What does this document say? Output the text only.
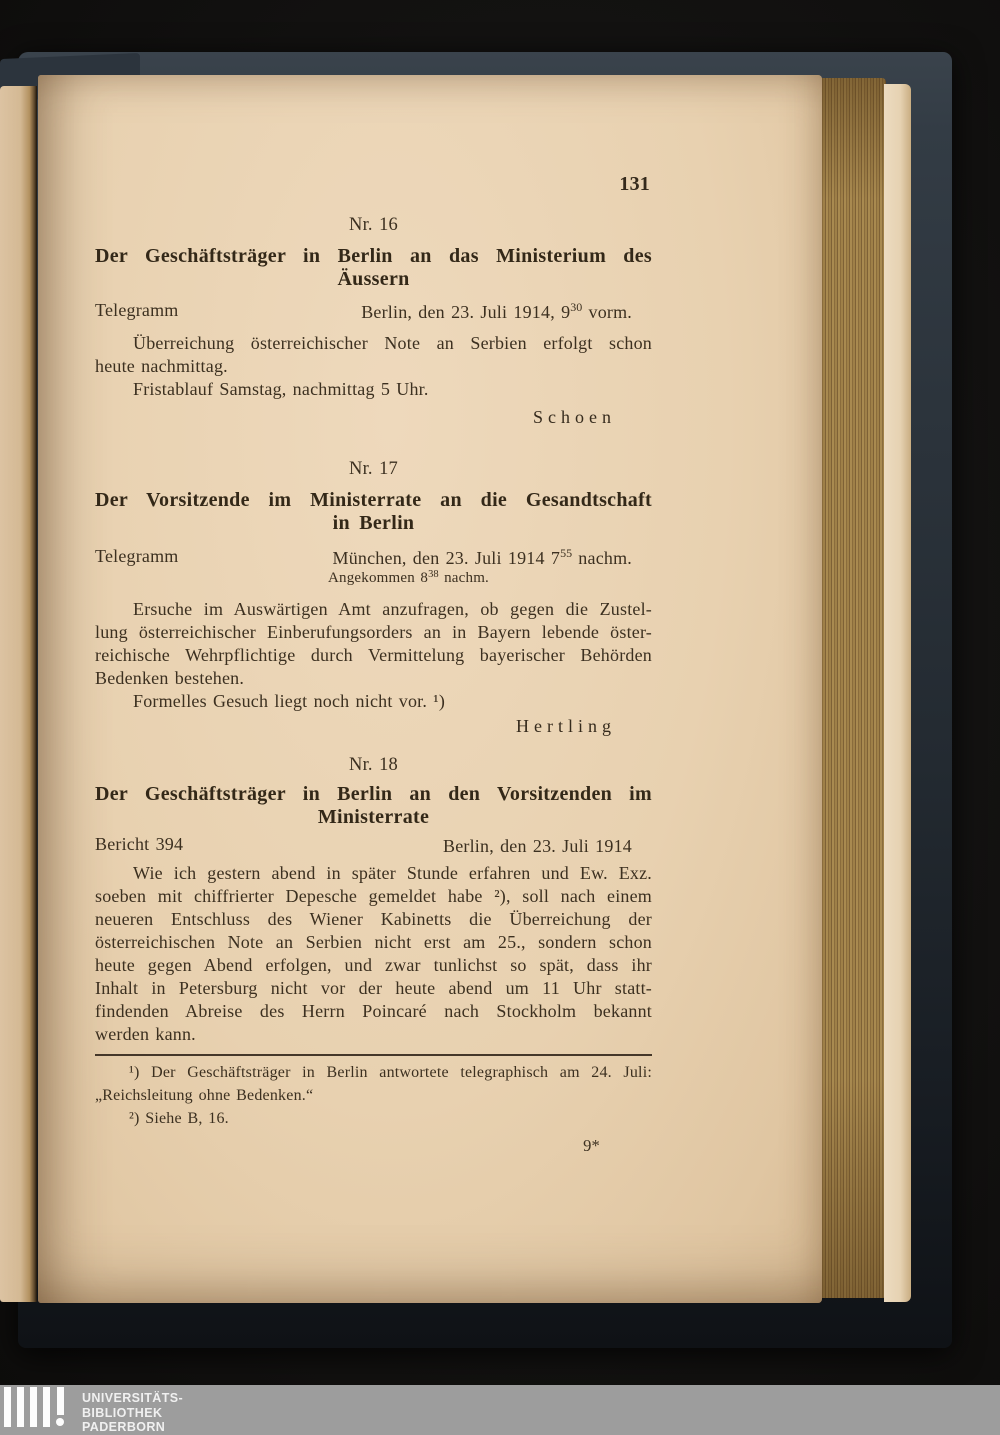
131
Nr. 16
Der Geschäftsträger in Berlin an das Ministerium des
Äussern
Telegramm	Berlin, den 23. Juli 1914, $9^{30}$ vorm.
Überreichung österreichischer Note an Serbien erfolgt schon
heute nachmittag.
Fristablauf Samstag, nachmittag 5 Uhr.
Schoen
Nr. 17
Der Vorsitzende im Ministerrate an die Gesandtschaft
in Berlin
Telegramm	München, den 23. Juli 1914 $7^{55}$ nachm.
Angekommen $8^{38}$ nachm.
Ersuche im Auswärtigen Amt anzufragen, ob gegen die Zustel-
lung österreichischer Einberufungsorders an in Bayern lebende öster-
reichische Wehrpflichtige durch Vermittelung bayerischer Behörden
Bedenken bestehen.
Formelles Gesuch liegt noch nicht vor. ¹)
Hertling
Nr. 18
Der Geschäftsträger in Berlin an den Vorsitzenden im
Ministerrate
Bericht 394	Berlin, den 23. Juli 1914
Wie ich gestern abend in später Stunde erfahren und Ew. Exz.
soeben mit chiffrierter Depesche gemeldet habe ²), soll nach einem
neueren Entschluss des Wiener Kabinetts die Überreichung der
österreichischen Note an Serbien nicht erst am 25., sondern schon
heute gegen Abend erfolgen, und zwar tunlichst so spät, dass ihr
Inhalt in Petersburg nicht vor der heute abend um 11 Uhr statt-
findenden Abreise des Herrn Poincaré nach Stockholm bekannt
werden kann.
¹) Der Geschäftsträger in Berlin antwortete telegraphisch am 24. Juli:
„Reichsleitung ohne Bedenken.“
²) Siehe B, 16.
9*
UNIVERSITÄTS-
BIBLIOTHEK
PADERBORN
